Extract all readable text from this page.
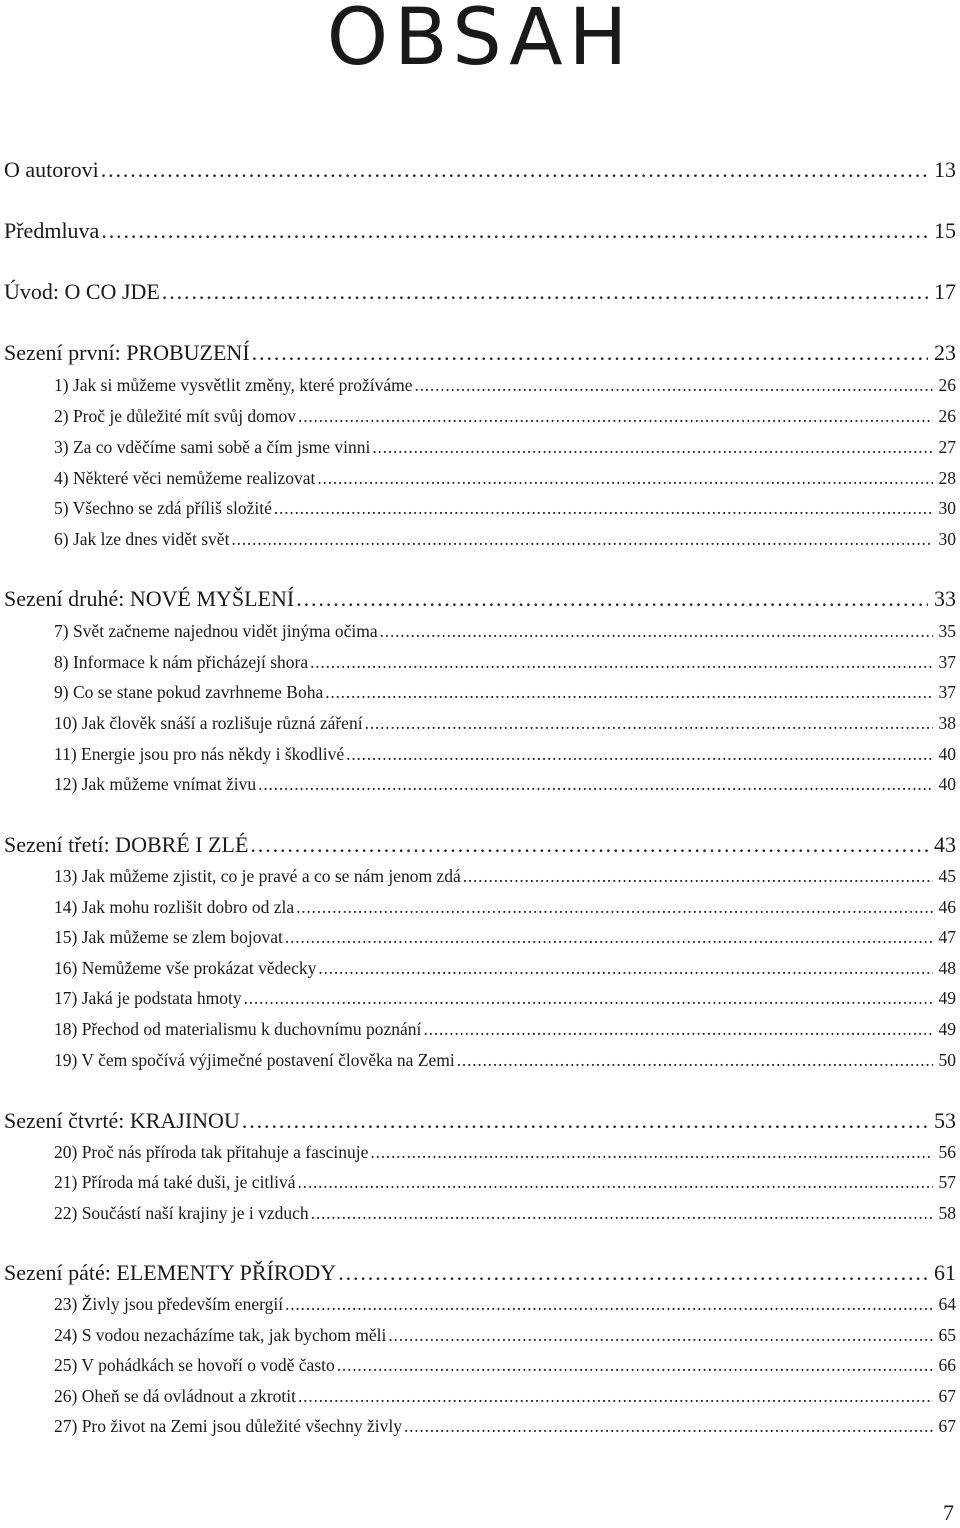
OBSAH
O autorovi . . .	13
Předmluva . . .	15
Úvod: O CO JDE . . .	17
Sezení první: PROBUZENÍ . . .	23
1) Jak si můžeme vysvětlit změny, které prožíváme . . .	26
2) Proč je důležité mít svůj domov . . .	26
3) Za co vděčíme sami sobě a čím jsme vinni . . .	27
4) Některé věci nemůžeme realizovat . . .	28
5) Všechno se zdá příliš složité . . .	30
6) Jak lze dnes vidět svět . . .	30
Sezení druhé: NOVÉ MYŠLENÍ . . .	33
7) Svět začneme najednou vidět jinýma očima . . .	35
8) Informace k nám přicházejí shora . . .	37
9) Co se stane pokud zavrhneme Boha . . .	37
10) Jak člověk snáší a rozlišuje různá záření . . .	38
11) Energie jsou pro nás někdy i škodlivé . . .	40
12) Jak můžeme vnímat živu . . .	40
Sezení třetí: DOBRÉ I ZLÉ . . .	43
13) Jak můžeme zjistit, co je pravé a co se nám jenom zdá . . .	45
14) Jak mohu rozlišit dobro od zla . . .	46
15) Jak můžeme se zlem bojovat . . .	47
16) Nemůžeme vše prokázat vědecky . . .	48
17) Jaká je podstata hmoty . . .	49
18) Přechod od materialismu k duchovnímu poznání . . .	49
19) V čem spočívá výjimečné postavení člověka na Zemi . . .	50
Sezení čtvrté: KRAJINOU . . .	53
20) Proč nás příroda tak přitahuje a fascinuje . . .	56
21) Příroda má také duši, je citlivá . . .	57
22) Součástí naší krajiny je i vzduch . . .	58
Sezení páté: ELEMENTY PŘÍRODY . . .	61
23) Živly jsou především energií . . .	64
24) S vodou nezacházíme tak, jak bychom měli . . .	65
25) V pohádkách se hovoří o vodě často . . .	66
26) Oheň se dá ovládnout a zkrotit . . .	67
27) Pro život na Zemi jsou důležité všechny živly . . .	67
7
